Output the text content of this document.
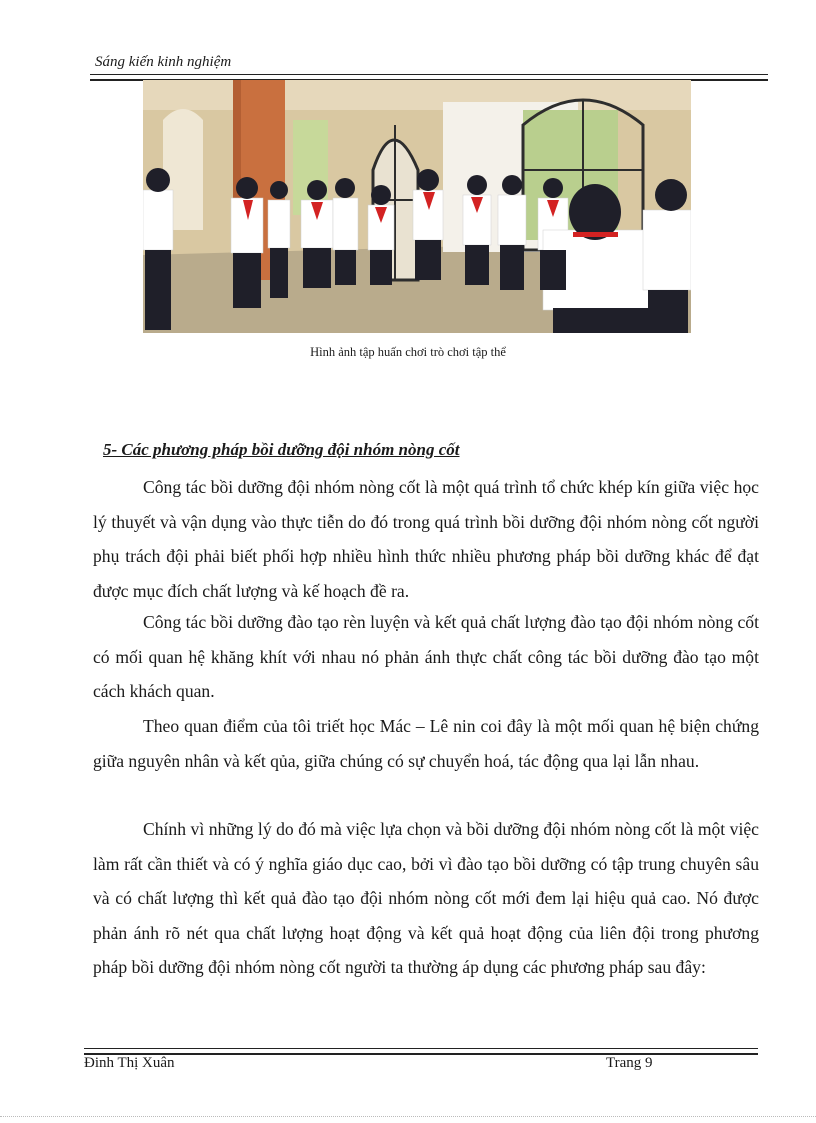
Sáng kiến kinh nghiệm
Hình ảnh tập huấn chơi trò chơi tập thể
5- Các phương pháp bồi dưỡng đội nhóm nòng cốt

Công tác bồi dưỡng đội nhóm nòng cốt là một quá trình tổ chức khép kín giữa việc học lý thuyết và vận dụng vào thực tiễn do đó trong quá trình bồi dưỡng đội nhóm nòng cốt người phụ trách đội phải biết phối hợp nhiều hình thức nhiều phương pháp bồi dưỡng khác để đạt được mục đích chất lượng và kế hoạch đề ra.

Công tác bồi dưỡng đào tạo rèn luyện và kết quả chất lượng đào tạo đội nhóm nòng cốt có mối quan hệ khăng khít với nhau nó phản ánh thực chất công tác bồi dưỡng đào tạo một cách khách quan.

Theo quan điểm của tôi triết học Mác – Lê nin coi đây là một mối quan hệ biện chứng giữa nguyên nhân và kết qủa, giữa chúng có sự chuyển hoá, tác động qua lại lẫn nhau.

Chính vì những lý do đó mà việc lựa chọn và bồi dưỡng đội nhóm nòng cốt là một việc làm rất cần thiết và có ý nghĩa giáo dục cao, bởi vì đào tạo bồi dưỡng có tập trung chuyên sâu và có chất lượng thì kết quả đào tạo đội nhóm nòng cốt mới đem lại hiệu quả cao. Nó được phản ánh rõ nét qua chất lượng hoạt động và kết quả hoạt động của liên đội trong phương pháp bồi dưỡng đội nhóm nòng cốt người ta thường áp dụng các phương pháp sau đây:

Đinh Thị Xuân	Trang 9
